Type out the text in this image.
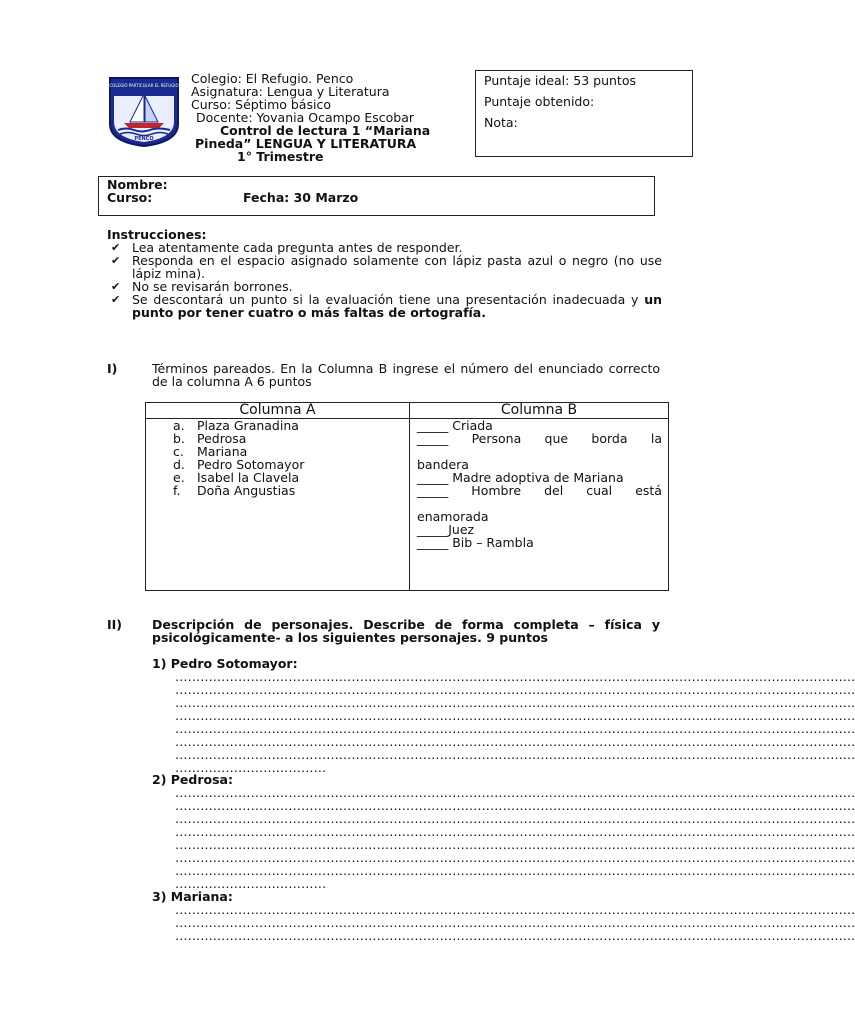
COLEGIO PARTICULAR EL REFUGIO
PENCO
Colegio: El Refugio. Penco
Asignatura: Lengua y Literatura
Curso: Séptimo básico
Docente: Yovania Ocampo Escobar
Control de lectura 1 “Mariana
Pineda” LENGUA Y LITERATURA
1° Trimestre
Puntaje ideal: 53 puntos
Puntaje obtenido:
Nota:
Nombre:
Curso:	Fecha: 30 Marzo
Instrucciones:
✔ Lea atentamente cada pregunta antes de responder.
✔ Responda en el espacio asignado solamente con lápiz pasta azul o negro (no use lápiz mina).
✔ No se revisarán borrones.
✔ Se descontará un punto si la evaluación tiene una presentación inadecuada y un punto por tener cuatro o más faltas de ortografía.
I)	Términos pareados. En la Columna B ingrese el número del enunciado correcto de la columna A 6 puntos
Columna A	Columna B
a. Plaza Granadina
b. Pedrosa
c. Mariana
d. Pedro Sotomayor
e. Isabel la Clavela
f. Doña Angustias
_____ Criada
_____ Persona que borda la
bandera
_____ Madre adoptiva de Mariana
_____ Hombre del cual está
enamorada
_____Juez
_____ Bib – Rambla
II)	Descripción de personajes. Describe de forma completa – física y psicológicamente- a los siguientes personajes. 9 puntos
1) Pedro Sotomayor:
………………………………………………………………………………………………………………………………………………
………………………………………………………………………………………………………………………………………………
………………………………………………………………………………………………………………………………………………
………………………………………………………………………………………………………………………………………………
………………………………………………………………………………………………………………………………………………
………………………………………………………………………………………………………………………………………………
………………………………………………………………………………………………………………………………………………
………………………………
2) Pedrosa:
………………………………………………………………………………………………………………………………………………
………………………………………………………………………………………………………………………………………………
………………………………………………………………………………………………………………………………………………
………………………………………………………………………………………………………………………………………………
………………………………………………………………………………………………………………………………………………
………………………………………………………………………………………………………………………………………………
………………………………………………………………………………………………………………………………………………
………………………………
3) Mariana:
………………………………………………………………………………………………………………………………………………
………………………………………………………………………………………………………………………………………………
………………………………………………………………………………………………………………………………………………
